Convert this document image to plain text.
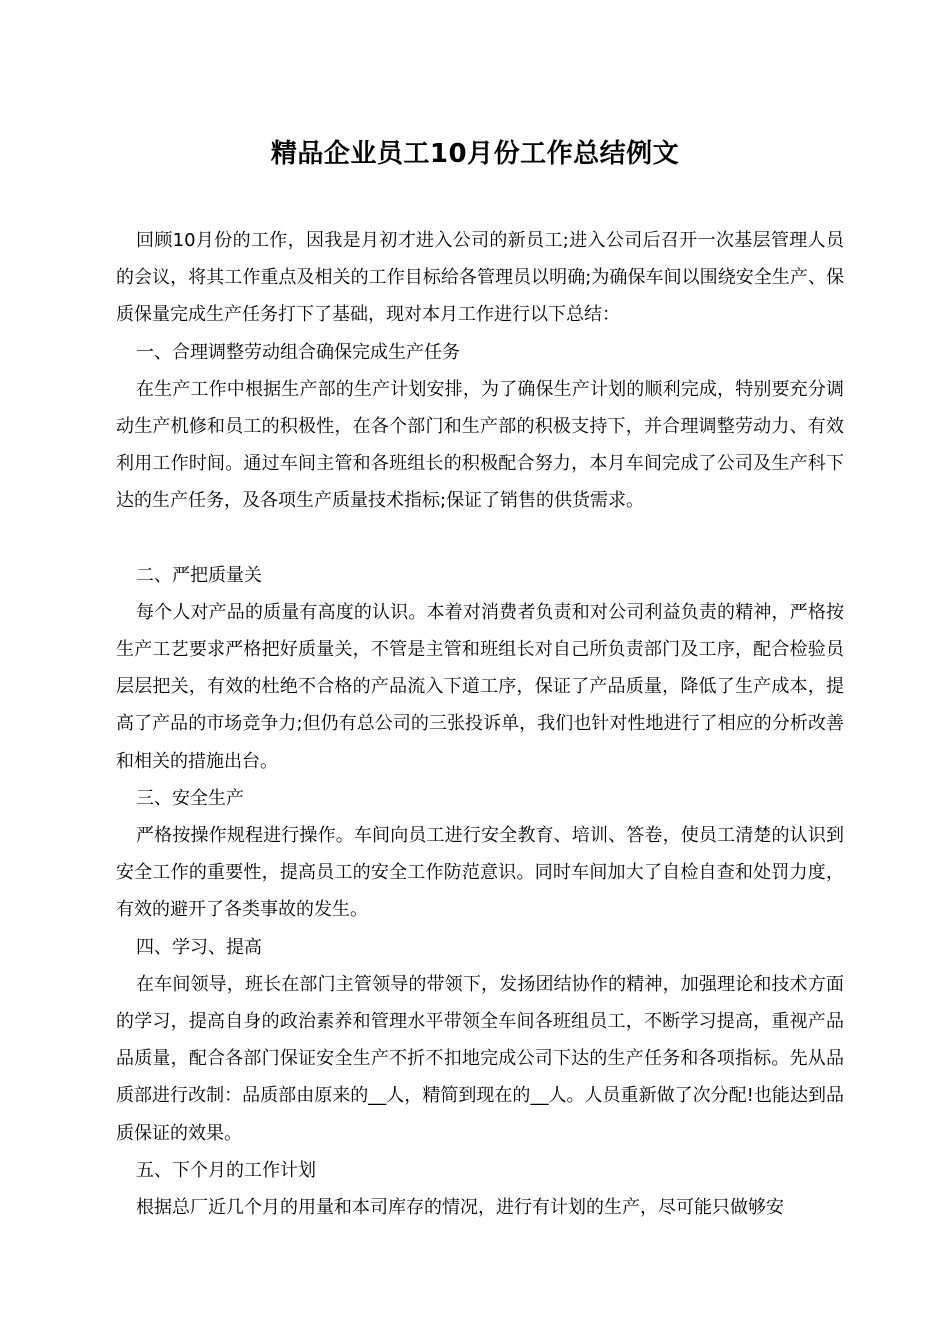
精品企业员工10月份工作总结例文

回顾10月份的工作，因我是月初才进入公司的新员工;进入公司后召开一次基层管理人员的会议，将其工作重点及相关的工作目标给各管理员以明确;为确保车间以围绕安全生产、保质保量完成生产任务打下了基础，现对本月工作进行以下总结：

一、合理调整劳动组合确保完成生产任务

在生产工作中根据生产部的生产计划安排，为了确保生产计划的顺利完成，特别要充分调动生产机修和员工的积极性，在各个部门和生产部的积极支持下，并合理调整劳动力、有效利用工作时间。通过车间主管和各班组长的积极配合努力，本月车间完成了公司及生产科下达的生产任务，及各项生产质量技术指标;保证了销售的供货需求。

二、严把质量关

每个人对产品的质量有高度的认识。本着对消费者负责和对公司利益负责的精神，严格按生产工艺要求严格把好质量关，不管是主管和班组长对自己所负责部门及工序，配合检验员层层把关，有效的杜绝不合格的产品流入下道工序，保证了产品质量，降低了生产成本，提高了产品的市场竞争力;但仍有总公司的三张投诉单，我们也针对性地进行了相应的分析改善和相关的措施出台。

三、安全生产

严格按操作规程进行操作。车间向员工进行安全教育、培训、答卷，使员工清楚的认识到安全工作的重要性，提高员工的安全工作防范意识。同时车间加大了自检自查和处罚力度，有效的避开了各类事故的发生。

四、学习、提高

在车间领导，班长在部门主管领导的带领下，发扬团结协作的精神，加强理论和技术方面的学习，提高自身的政治素养和管理水平带领全车间各班组员工，不断学习提高，重视产品品质量，配合各部门保证安全生产不折不扣地完成公司下达的生产任务和各项指标。先从品质部进行改制：品质部由原来的__人，精简到现在的__人。人员重新做了次分配!也能达到品质保证的效果。

五、下个月的工作计划

根据总厂近几个月的用量和本司库存的情况，进行有计划的生产，尽可能只做够安
